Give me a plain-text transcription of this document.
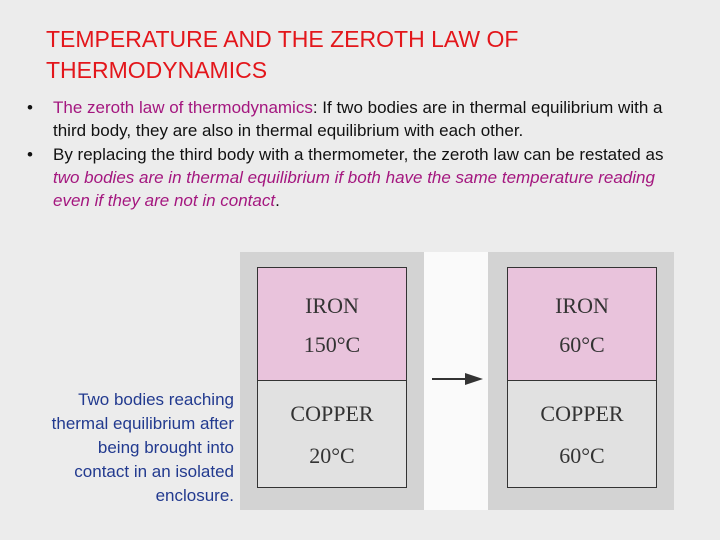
TEMPERATURE AND THE ZEROTH LAW OF THERMODYNAMICS
• The zeroth law of thermodynamics: If two bodies are in thermal equilibrium with a third body, they are also in thermal equilibrium with each other.
• By replacing the third body with a thermometer, the zeroth law can be restated as two bodies are in thermal equilibrium if both have the same temperature reading even if they are not in contact.
Two bodies reaching thermal equilibrium after being brought into contact in an isolated enclosure.
IRON
150°C
COPPER
20°C
IRON
60°C
COPPER
60°C
